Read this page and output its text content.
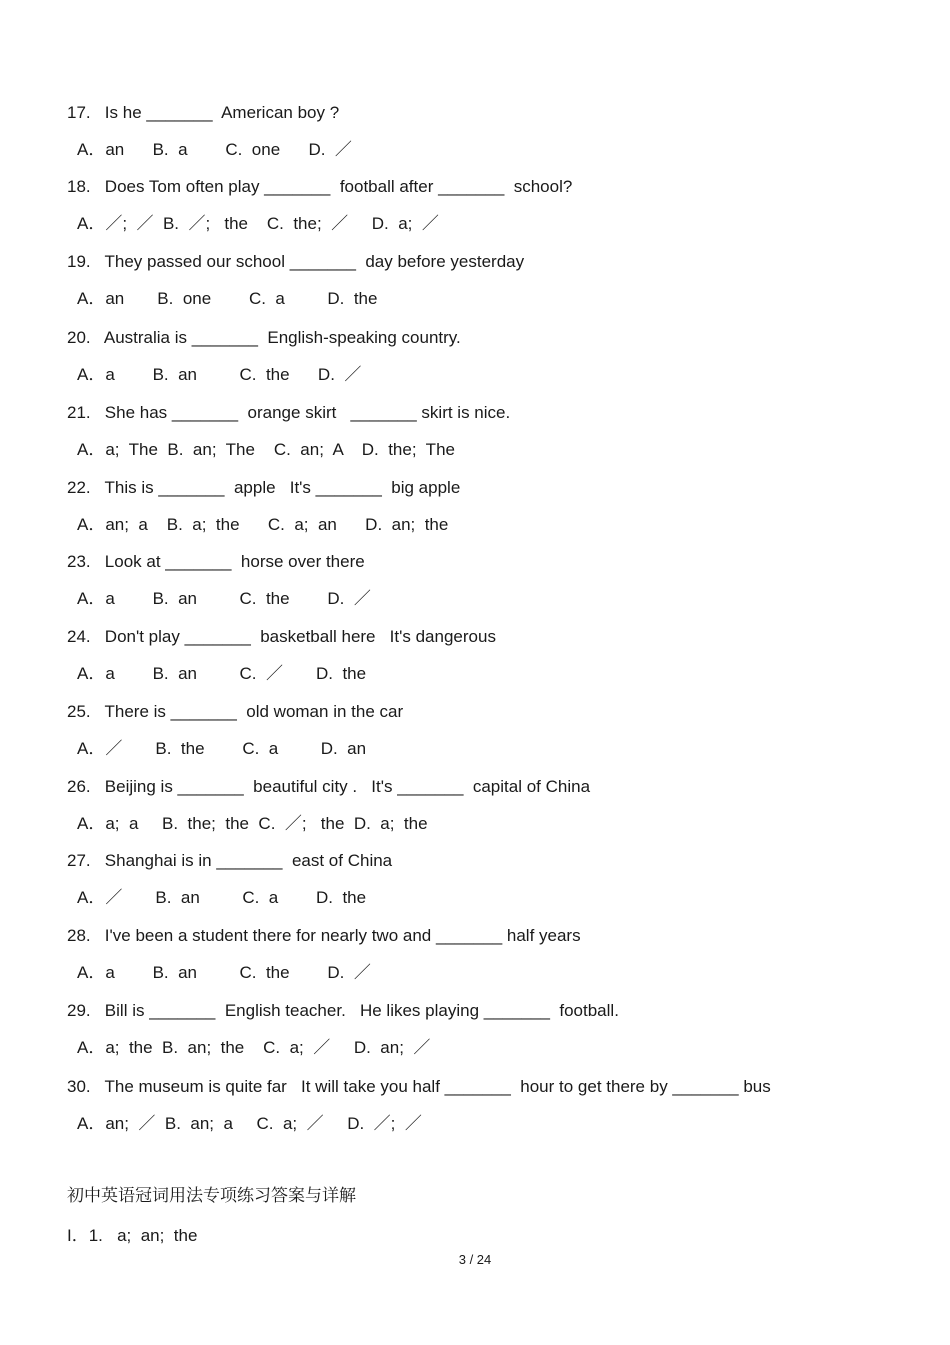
17.   Is he _______  American boy ?
A．an      B.  a        C.  one      D.  ／
18.   Does Tom often play _______  football after _______  school?
A．／;  ／  B.  ／;   the    C.  the;  ／     D.  a;  ／
19.   They passed our school _______  day before yesterday
A．an       B.  one        C.  a         D.  the
20.   Australia is _______  English-speaking country.
A．a        B.  an         C.  the      D.  ／
21.   She has _______  orange skirt   _______ skirt is nice.
A．a;  The  B.  an;  The    C.  an;  A    D.  the;  The
22.   This is _______  apple   It's _______  big apple
A．an;  a    B.  a;  the      C.  a;  an      D.  an;  the
23.   Look at _______  horse over there
A．a        B.  an         C.  the        D.  ／
24.   Don't play _______  basketball here   It's dangerous
A．a        B.  an         C.  ／       D.  the
25.   There is _______  old woman in the car
A．／       B.  the        C.  a         D.  an
26.   Beijing is _______  beautiful city .   It's _______  capital of China
A．a;  a     B.  the;  the  C.  ／;   the  D.  a;  the
27.   Shanghai is in _______  east of China
A．／       B.  an         C.  a        D.  the
28.   I've been a student there for nearly two and _______ half years
A．a        B.  an         C.  the        D.  ／
29.   Bill is _______  English teacher.   He likes playing _______  football.
A．a;  the  B.  an;  the    C.  a;  ／     D.  an;  ／
30.   The museum is quite far   It will take you half _______  hour to get there by _______ bus
A．an;  ／  B.  an;  a     C.  a;  ／     D.  ／;  ／
初中英语冠词用法专项练习答案与详解
I．1.   a;  an;  the
3 / 24
